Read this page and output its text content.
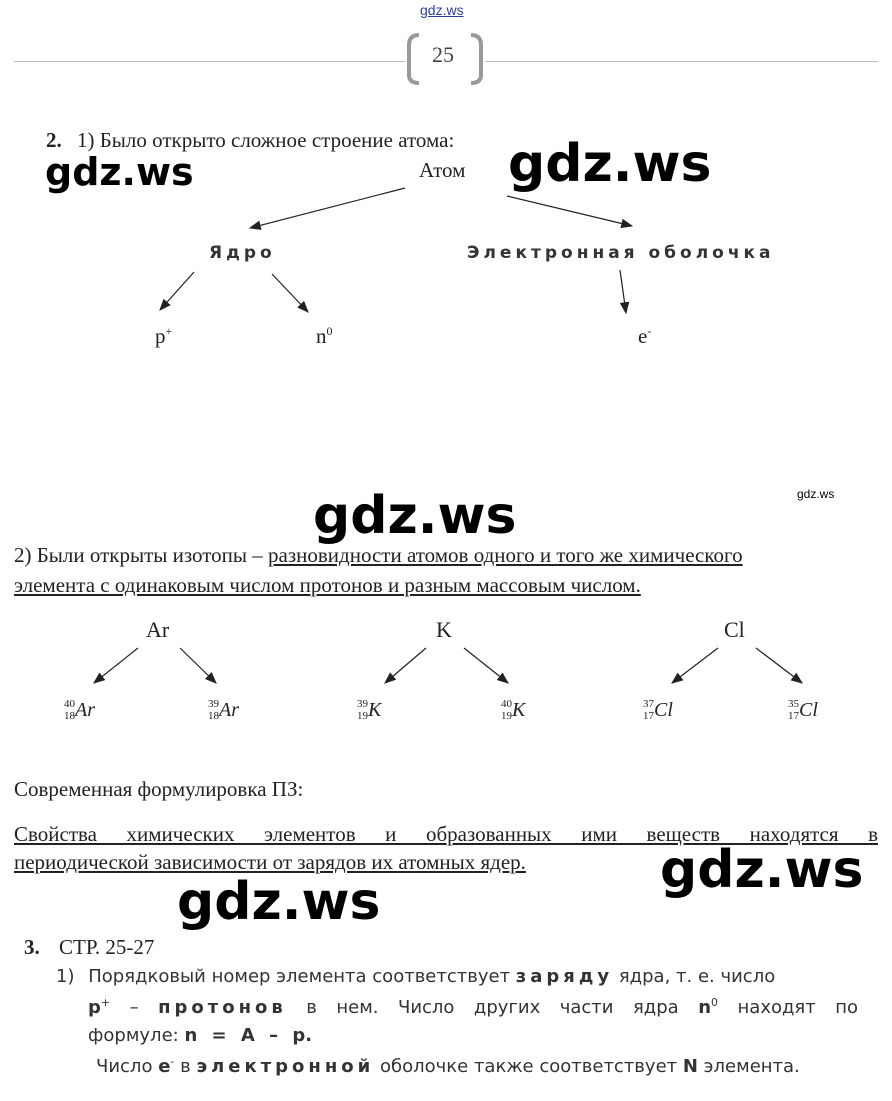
gdz.ws
25
2. 1) Было открыто сложное строение атома:
gdz.ws	gdz.ws
Атом
Ядро	Электронная оболочка
p+	$n^0$	e-
gdz.ws
gdz.ws
2) Были открыты изотопы – разновидности атомов одного и того же химического
элемента с одинаковым числом протонов и разным массовым числом.
Ar	K	Cl
40
18Ar	39
18Ar	39
19K	40
19K	37
17Cl	35
17Cl
Современная формулировка ПЗ:
Свойства химических элементов и образованных ими веществ находятся в
периодической зависимости от зарядов их атомных ядер.	gdz.ws
gdz.ws
3. СТР. 25-27
1) Порядковый номер элемента соответствует заряду ядра, т. е. число
p+ – протонов в нем. Число других части ядра $n^0$ находят по
формуле: n = A – p.
Число e- в электронной оболочке также соответствует N элемента.
